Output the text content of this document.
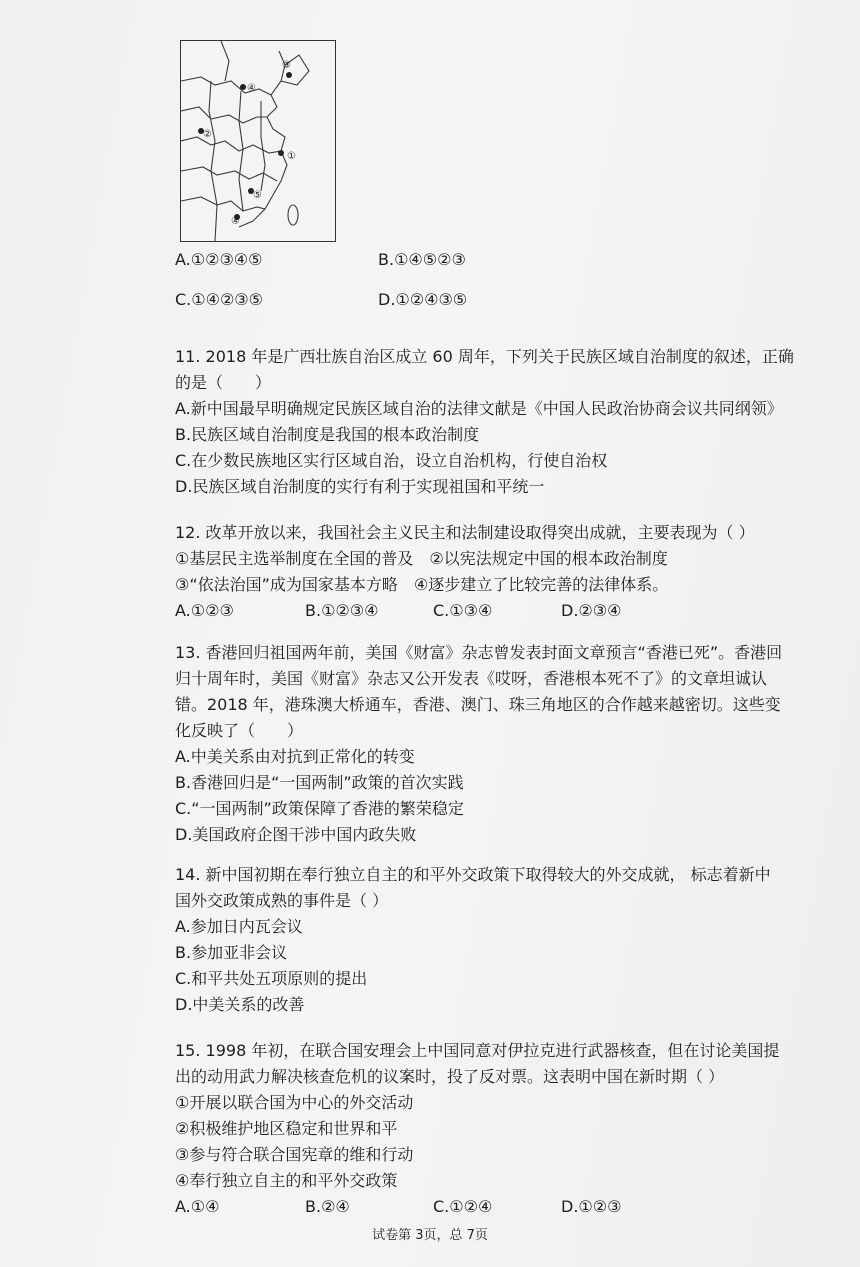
③
④
②
①
⑤
④
A.①②③④⑤	B.①④⑤②③
C.①④②③⑤	D.①②④③⑤
11. 2018 年是广西壮族自治区成立 60 周年，下列关于民族区域自治制度的叙述，正确
的是（　　）
A.新中国最早明确规定民族区域自治的法律文献是《中国人民政治协商会议共同纲领》
B.民族区域自治制度是我国的根本政治制度
C.在少数民族地区实行区域自治，设立自治机构，行使自治权
D.民族区域自治制度的实行有利于实现祖国和平统一
12. 改革开放以来，我国社会主义民主和法制建设取得突出成就，主要表现为（ ）
①基层民主选举制度在全国的普及　②以宪法规定中国的根本政治制度
③“依法治国”成为国家基本方略　④逐步建立了比较完善的法律体系。
A.①②③	B.①②③④	C.①③④	D.②③④
13. 香港回归祖国两年前，美国《财富》杂志曾发表封面文章预言“香港已死”。香港回
归十周年时，美国《财富》杂志又公开发表《哎呀，香港根本死不了》的文章坦诚认
错。2018 年，港珠澳大桥通车，香港、澳门、珠三角地区的合作越来越密切。这些变
化反映了（　　）
A.中美关系由对抗到正常化的转变
B.香港回归是“一国两制”政策的首次实践
C.“一国两制”政策保障了香港的繁荣稳定
D.美国政府企图干涉中国内政失败
14. 新中国初期在奉行独立自主的和平外交政策下取得较大的外交成就， 标志着新中
国外交政策成熟的事件是（ ）
A.参加日内瓦会议
B.参加亚非会议
C.和平共处五项原则的提出
D.中美关系的改善
15. 1998 年初，在联合国安理会上中国同意对伊拉克进行武器核查，但在讨论美国提
出的动用武力解决核查危机的议案时，投了反对票。这表明中国在新时期（ ）
①开展以联合国为中心的外交活动
②积极维护地区稳定和世界和平
③参与符合联合国宪章的维和行动
④奉行独立自主的和平外交政策
A.①④	B.②④	C.①②④	D.①②③
试卷第 3页，总 7页
